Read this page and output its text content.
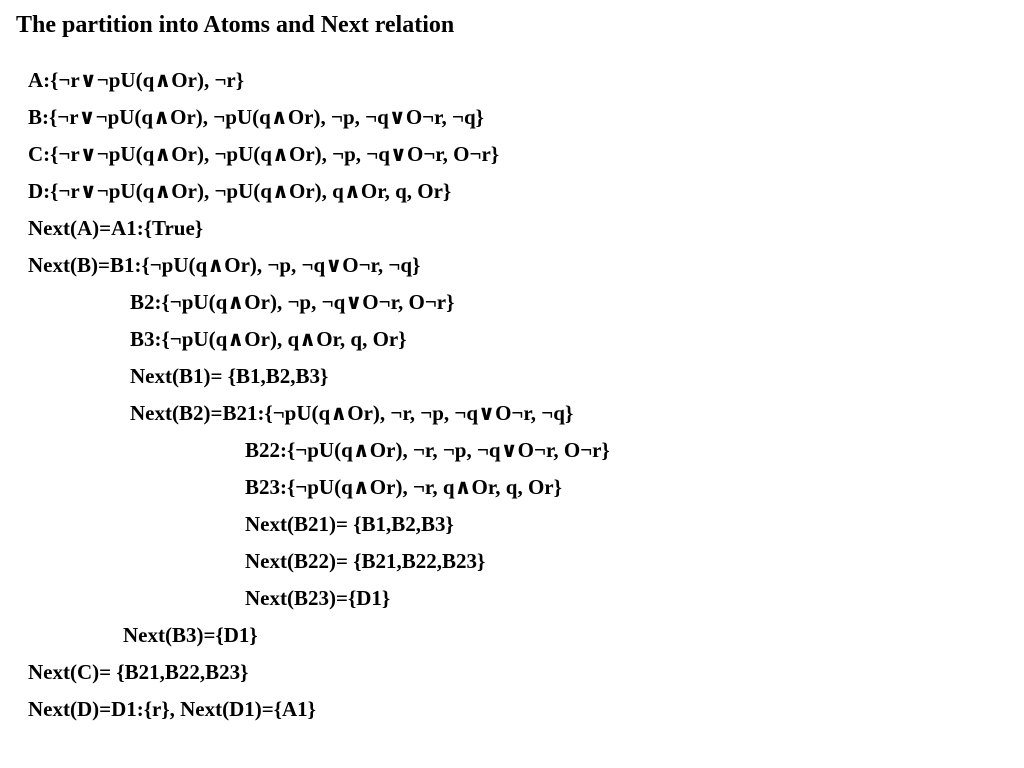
The partition into Atoms and Next relation
A:{¬r∨¬pU(q∧Or), ¬r}
B:{¬r∨¬pU(q∧Or), ¬pU(q∧Or), ¬p, ¬q∨O¬r, ¬q}
C:{¬r∨¬pU(q∧Or), ¬pU(q∧Or), ¬p, ¬q∨O¬r, O¬r}
D:{¬r∨¬pU(q∧Or), ¬pU(q∧Or), q∧Or, q, Or}
Next(A)=A1:{True}
Next(B)=B1:{¬pU(q∧Or), ¬p, ¬q∨O¬r, ¬q}
B2:{¬pU(q∧Or), ¬p, ¬q∨O¬r, O¬r}
B3:{¬pU(q∧Or), q∧Or, q, Or}
Next(B1)= {B1,B2,B3}
Next(B2)=B21:{¬pU(q∧Or), ¬r, ¬p, ¬q∨O¬r, ¬q}
B22:{¬pU(q∧Or), ¬r, ¬p, ¬q∨O¬r, O¬r}
B23:{¬pU(q∧Or), ¬r, q∧Or, q, Or}
Next(B21)= {B1,B2,B3}
Next(B22)= {B21,B22,B23}
Next(B23)={D1}
Next(B3)={D1}
Next(C)= {B21,B22,B23}
Next(D)=D1:{r}, Next(D1)={A1}
